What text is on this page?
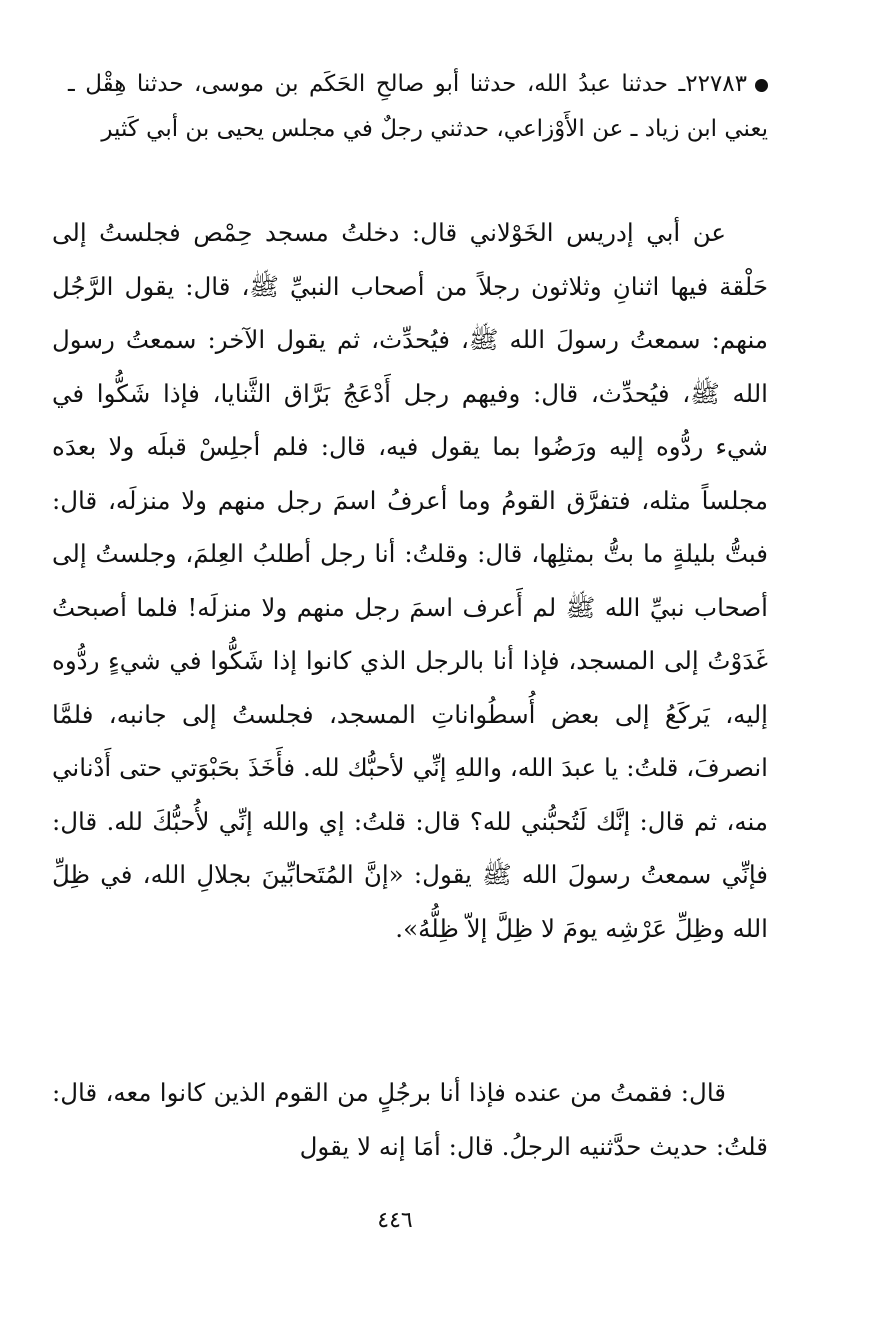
٢٢٧٨٣ـ حدثنا عبدُ الله، حدثنا أبو صالحِ الحَكَم بن موسى، حدثنا هِقْل ـ يعني ابن زياد ـ عن الأَوْزاعي، حدثني رجلٌ في مجلس يحيى بن أبي كَثير

عن أبي إدريس الخَوْلاني قال: دخلتُ مسجد حِمْص فجلستُ إلى حَلْقة فيها اثنانِ وثلاثون رجلاً من أصحاب النبيِّ ﷺ، قال: يقول الرَّجُل منهم: سمعتُ رسولَ الله ﷺ، فيُحدِّث، ثم يقول الآخر: سمعتُ رسول الله ﷺ، فيُحدِّث، قال: وفيهم رجل أَدْعَجُ بَرَّاق الثَّنايا، فإذا شَكُّوا في شيء ردُّوه إليه ورَضُوا بما يقول فيه، قال: فلم أجلِسْ قبلَه ولا بعدَه مجلساً مثله، فتفرَّق القومُ وما أعرفُ اسمَ رجل منهم ولا منزلَه، قال: فبتُّ بليلةٍ ما بتُّ بمثلِها، قال: وقلتُ: أنا رجل أطلبُ العِلمَ، وجلستُ إلى أصحاب نبيِّ الله ﷺ لم أَعرف اسمَ رجل منهم ولا منزلَه! فلما أصبحتُ غَدَوْتُ إلى المسجد، فإذا أنا بالرجل الذي كانوا إذا شَكُّوا في شيءٍ ردُّوه إليه، يَركَعُ إلى بعض أُسطُواناتِ المسجد، فجلستُ إلى جانبه، فلمَّا انصرفَ، قلتُ: يا عبدَ الله، واللهِ إنِّي لأحبُّك لله. فأَخَذَ بحَبْوَتي حتى أَدْناني منه، ثم قال: إنَّك لَتُحبُّني لله؟ قال: قلتُ: إي والله إنِّي لأُحبُّكَ لله. قال: فإنِّي سمعتُ رسولَ الله ﷺ يقول: «إنَّ المُتَحابِّينَ بجلالِ الله، في ظِلِّ الله وظِلِّ عَرْشِه يومَ لا ظِلَّ إلاّ ظِلُّهُ».

قال: فقمتُ من عنده فإذا أنا برجُلٍ من القوم الذين كانوا معه، قال: قلتُ: حديث حدَّثنيه الرجلُ. قال: أمَا إنه لا يقول

٤٤٦
